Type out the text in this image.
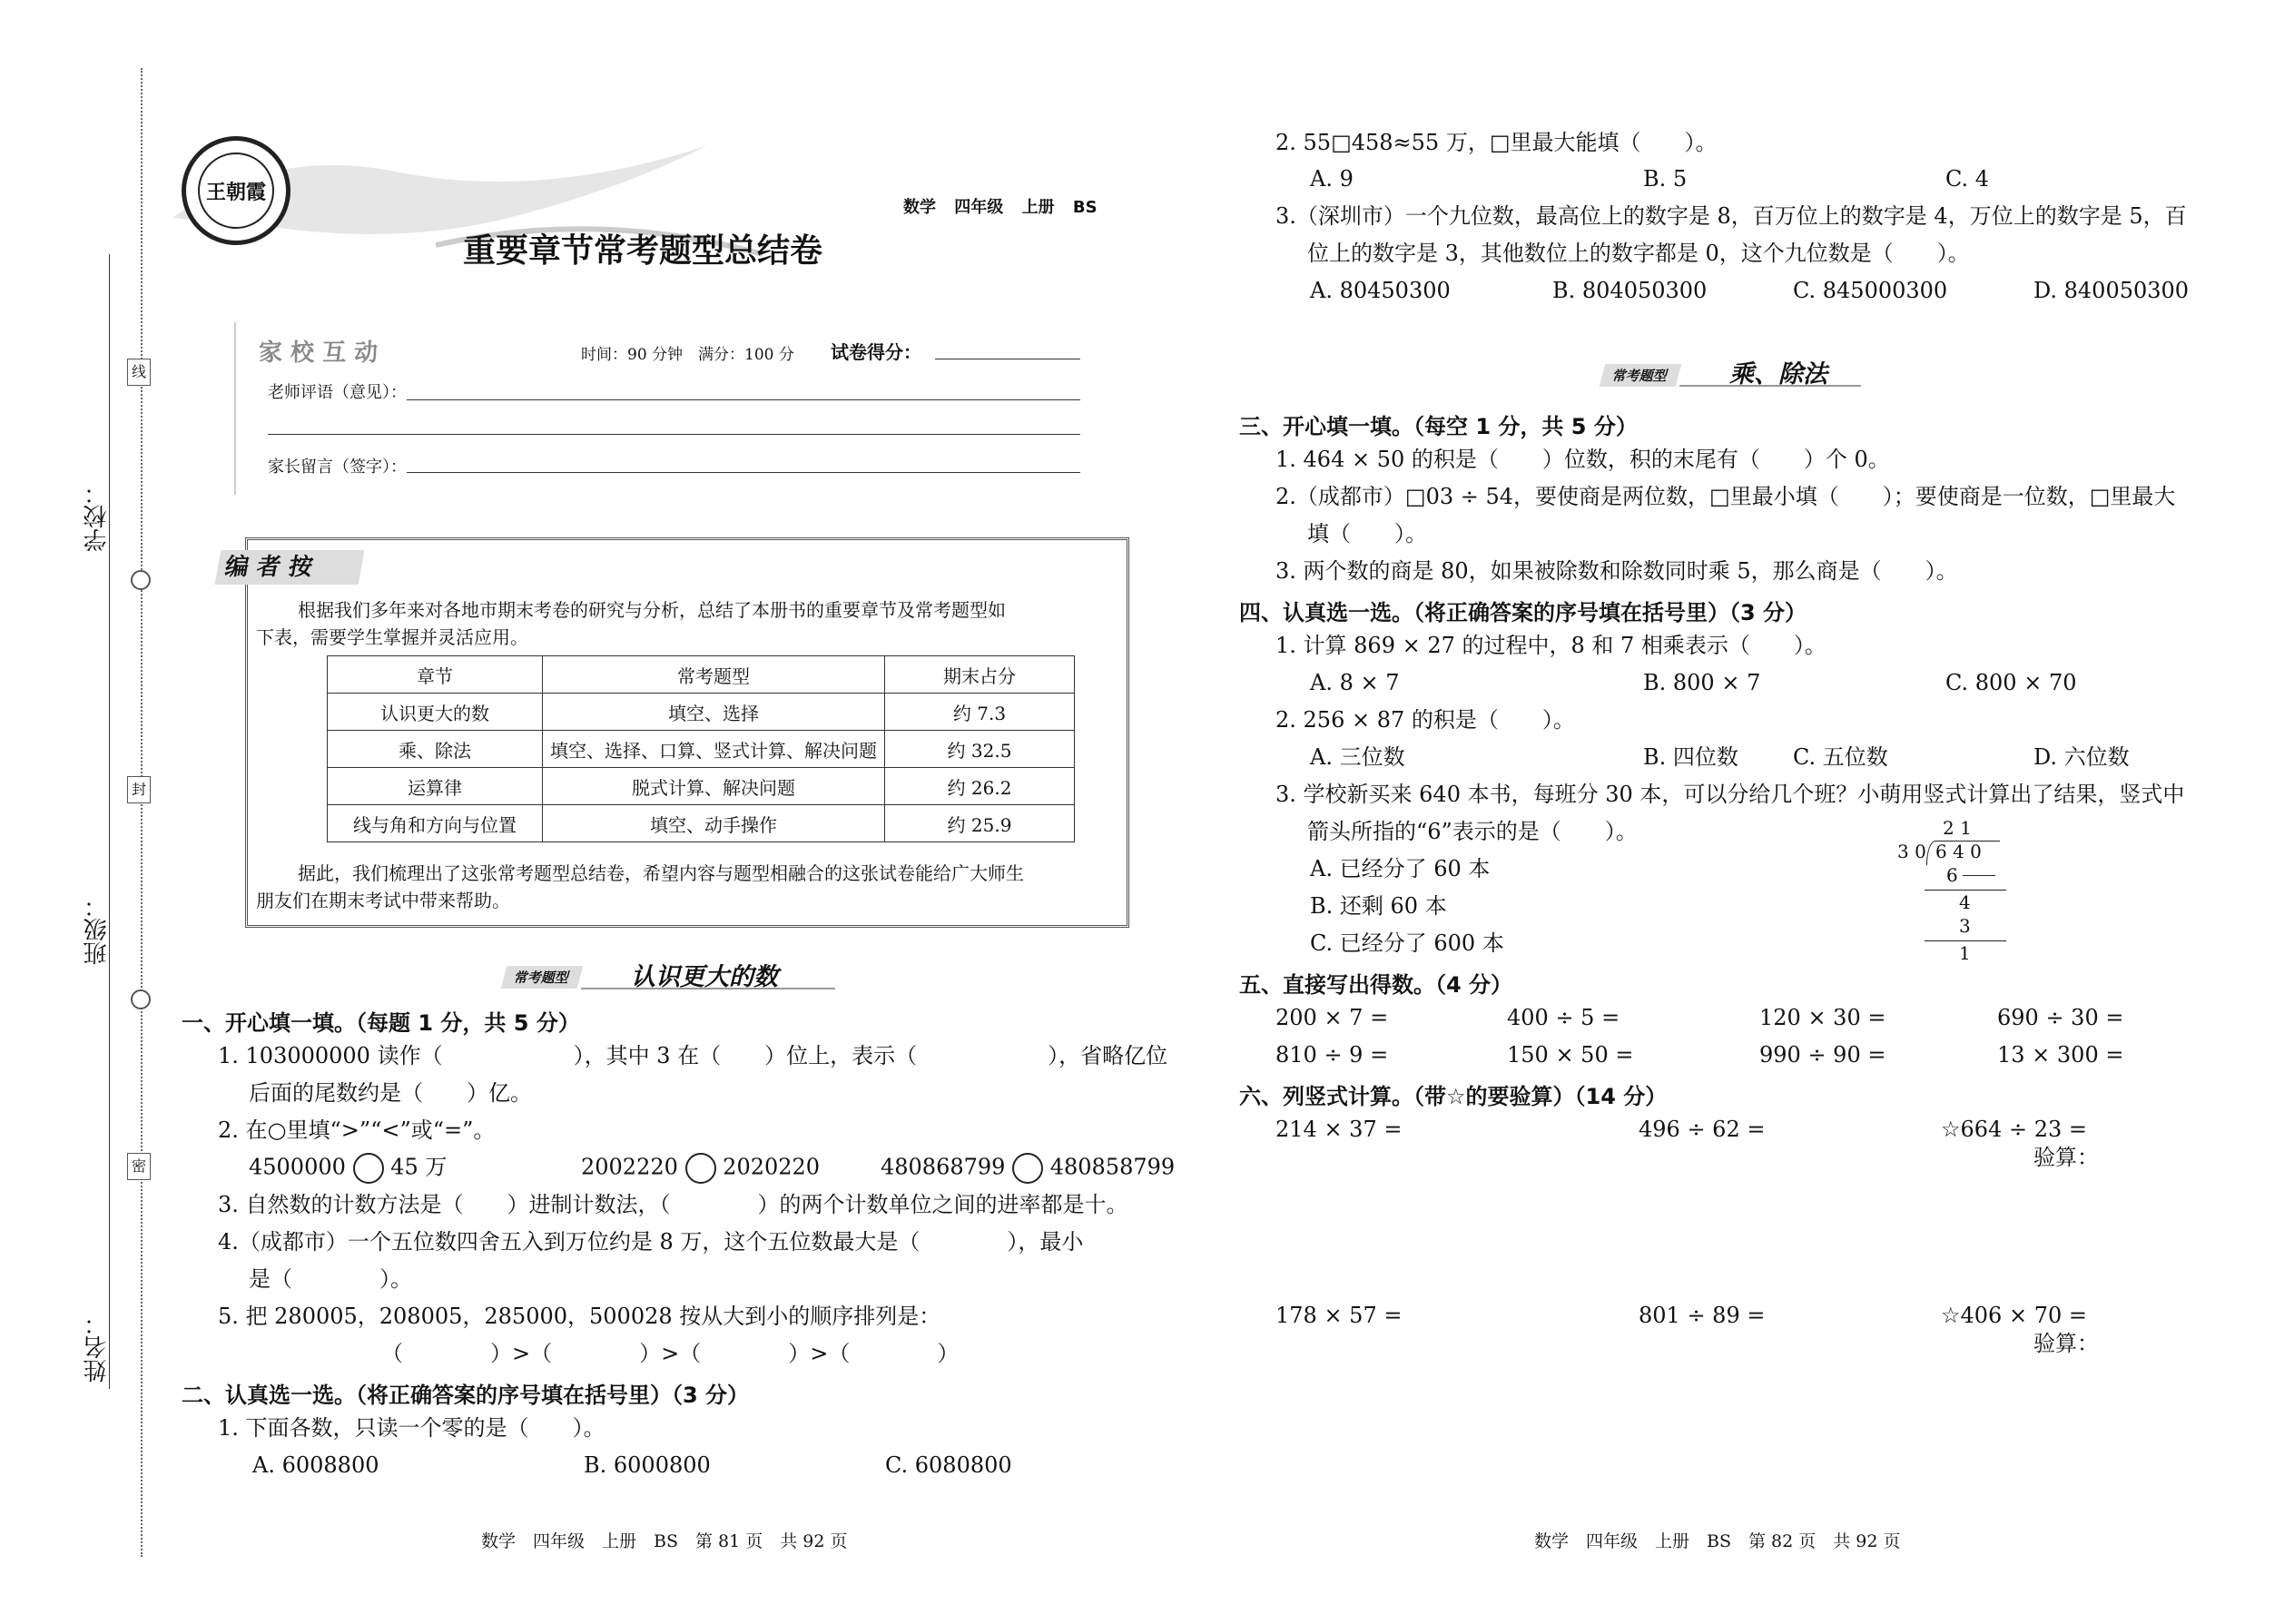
学校：
班级：
姓名：
线
封
密
王朝霞
数学 四年级 上册 BS
重要章节常考题型总结卷
家 校 互 动	时间：90 分钟　满分：100 分 试卷得分：
老师评语（意见）：
家长留言（签字）：
编 者 按
根据我们多年来对各地市期末考卷的研究与分析，总结了本册书的重要章节及常考题型如
下表，需要学生掌握并灵活应用。
章节	常考题型	期末占分
认识更大的数	填空、选择	约 7.3
乘、除法	填空、选择、口算、竖式计算、解决问题	约 32.5
运算律	脱式计算、解决问题	约 26.2
线与角和方向与位置	填空、动手操作	约 25.9
据此，我们梳理出了这张常考题型总结卷，希望内容与题型相融合的这张试卷能给广大师生
朋友们在期末考试中带来帮助。
常考题型	认识更大的数
一、开心填一填。（每题 1 分，共 5 分）
1. 103000000 读作（　　　　　　），其中 3 在（　　）位上，表示（　　　　　　），省略亿位
后面的尾数约是（　　）亿。
2. 在○里填“>”“<”或“=”。
4500000 45 万	2002220 2020220	480868799 480858799
3. 自然数的计数方法是（　　）进制计数法，（　　　　）的两个计数单位之间的进率都是十。
4.（成都市）一个五位数四舍五入到万位约是 8 万，这个五位数最大是（　　　　），最小
是（　　　　）。
5. 把 280005，208005，285000，500028 按从大到小的顺序排列是：
（　　　　）>（　　　　）>（　　　　）>（　　　　）
二、认真选一选。（将正确答案的序号填在括号里）（3 分）
1. 下面各数，只读一个零的是（　　）。
A. 6008800	B. 6000800	C. 6080800
数学　四年级　上册　BS　第 81 页　共 92 页
2. 55□458≈55 万，□里最大能填（　　）。
A. 9	B. 5	C. 4
3.（深圳市）一个九位数，最高位上的数字是 8，百万位上的数字是 4，万位上的数字是 5，百
位上的数字是 3，其他数位上的数字都是 0，这个九位数是（　　）。
A. 80450300	B. 804050300	C. 845000300	D. 840050300
常考题型	乘、除法
三、开心填一填。（每空 1 分，共 5 分）
1. 464 × 50 的积是（　　）位数，积的末尾有（　　）个 0。
2.（成都市）□03 ÷ 54，要使商是两位数，□里最小填（　　）；要使商是一位数，□里最大
填（　　）。
3. 两个数的商是 80，如果被除数和除数同时乘 5，那么商是（　　）。
四、认真选一选。（将正确答案的序号填在括号里）（3 分）
1. 计算 869 × 27 的过程中，8 和 7 相乘表示（　　）。
A. 8 × 7	B. 800 × 7	C. 800 × 70
2. 256 × 87 的积是（　　）。
A. 三位数	B. 四位数	C. 五位数	D. 六位数
3. 学校新买来 640 本书，每班分 30 本，可以分给几个班？小萌用竖式计算出了结果，竖式中
箭头所指的“6”表示的是（　　）。
A. 已经分了 60 本
B. 还剩 60 本
C. 已经分了 600 本
2 1
3 0 6 4 0
6
4
3
1
五、直接写出得数。（4 分）
200 × 7 =	400 ÷ 5 =	120 × 30 =	690 ÷ 30 =
810 ÷ 9 =	150 × 50 =	990 ÷ 90 =	13 × 300 =
六、列竖式计算。（带☆的要验算）（14 分）
214 × 37 =	496 ÷ 62 =	☆664 ÷ 23 =
验算：
178 × 57 =	801 ÷ 89 =	☆406 × 70 =
验算：
数学　四年级　上册　BS　第 82 页　共 92 页
